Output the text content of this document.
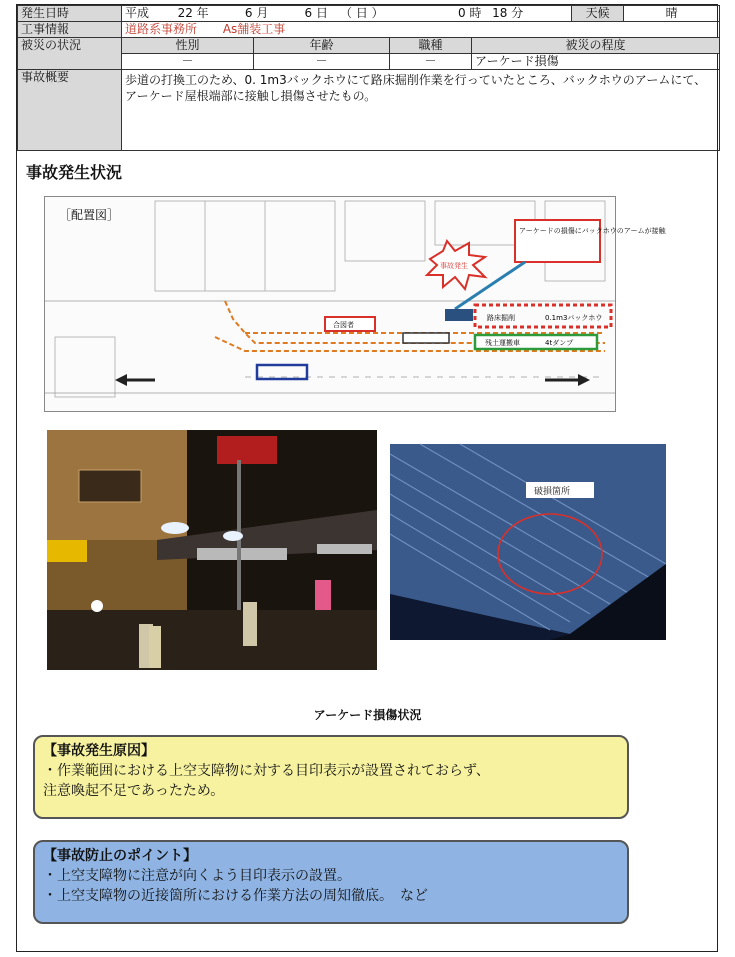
発生日時	平成 22 年 6 月 6 日 （ 日 ） 0 時 18 分				天候	晴
工事情報	道路系事務所 As舗装工事					
被災の状況	性別	年齢	職種	被災の程度		
	－	－	－	アーケード損傷		
事故概要	歩道の打換工のため、0. 1m3バックホウにて路床掘削作業を行っていたところ、バックホウのアームにて、アーケード屋根端部に接触し損傷させたもの。					
事故発生状況
［配置図］
アーケードの損傷にバックホウのアームが接触
事故発生
路床掘削	0.1m3バックホウ
合図者
残土運搬車	4tダンプ
破損箇所
アーケード損傷状況
【事故発生原因】
・作業範囲における上空支障物に対する目印表示が設置されておらず、
注意喚起不足であったため。
【事故防止のポイント】
・上空支障物に注意が向くよう目印表示の設置。
・上空支障物の近接箇所における作業方法の周知徹底。　など
